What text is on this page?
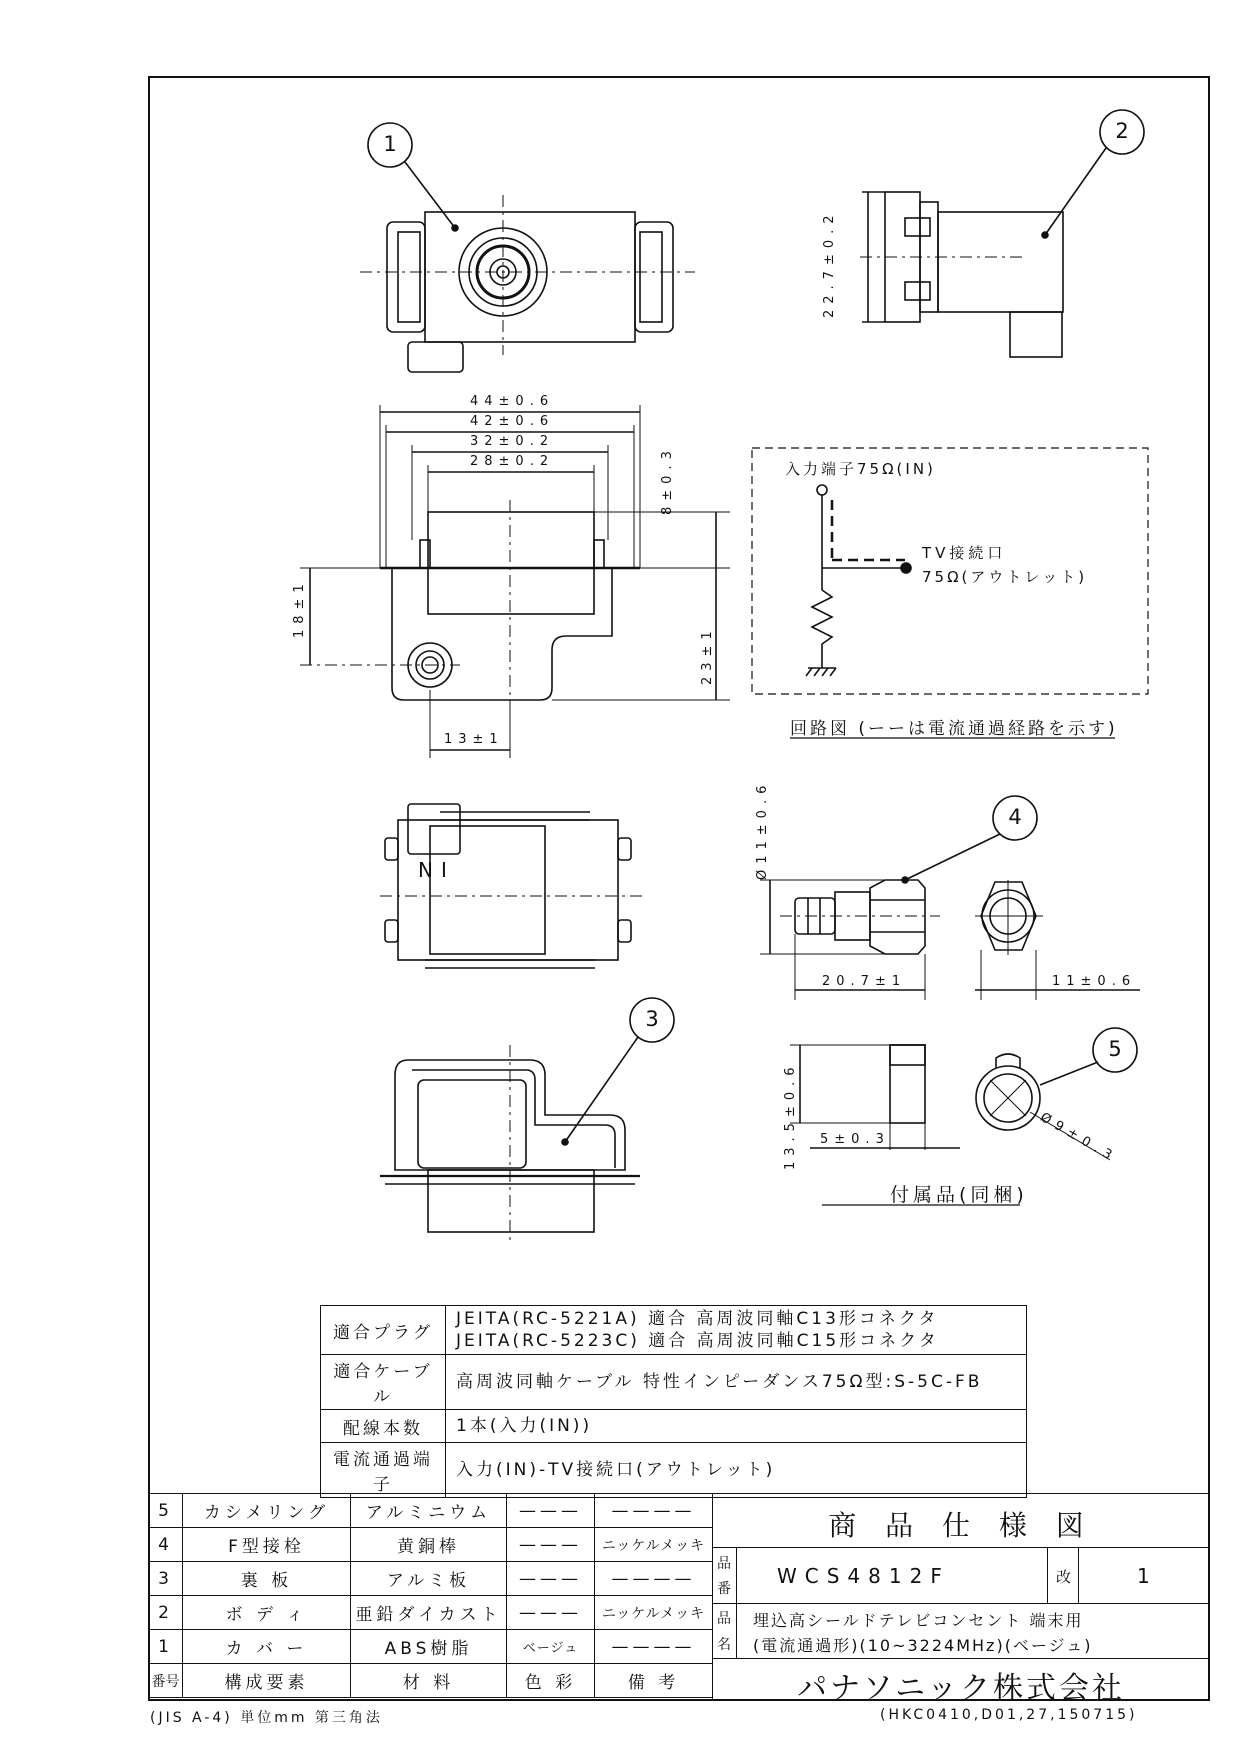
1
2
3
4
5
44±0.6
42±0.6
32±0.2
28±0.2	8±0.3
23±1
18±1
13±1
22.7±0.2
Ø11±0.6
20.7±1	11±0.6
13.5±0.6 5±0.3	Ø9±0.3
NI
入力端子75Ω(IN)
TV接続口
75Ω(アウトレット)
回路図 (ーーは電流通過経路を示す)
付属品(同梱)
適合プラグ	JEITA(RC-5221A) 適合 高周波同軸C13形コネクタ
JEITA(RC-5223C) 適合 高周波同軸C15形コネクタ

適合ケーブル	高周波同軸ケーブル 特性インピーダンス75Ω型:S-5C-FB
配線本数	1本(入力(IN))
電流通過端子	入力(IN)-TV接続口(アウトレット)
5	カシメリング	アルミニウム	———	————
4	F型接栓	黄銅棒	———	ニッケルメッキ
3	裏 板	アルミ板	———	————
2	ボ デ ィ	亜鉛ダイカスト	———	ニッケルメッキ
1	カ バ ー	ABS樹脂	ベージュ	————
番号	構成要素	材 料	色 彩	備 考
商 品 仕 様 図
品
番
WCS4812F	改	1
品
名
埋込高シールドテレビコンセント 端末用
(電流通過形)(10~3224MHz)(ベージュ)
パナソニック株式会社
(JIS A-4) 単位mm 第三角法	(HKC0410,D01,27,150715)
